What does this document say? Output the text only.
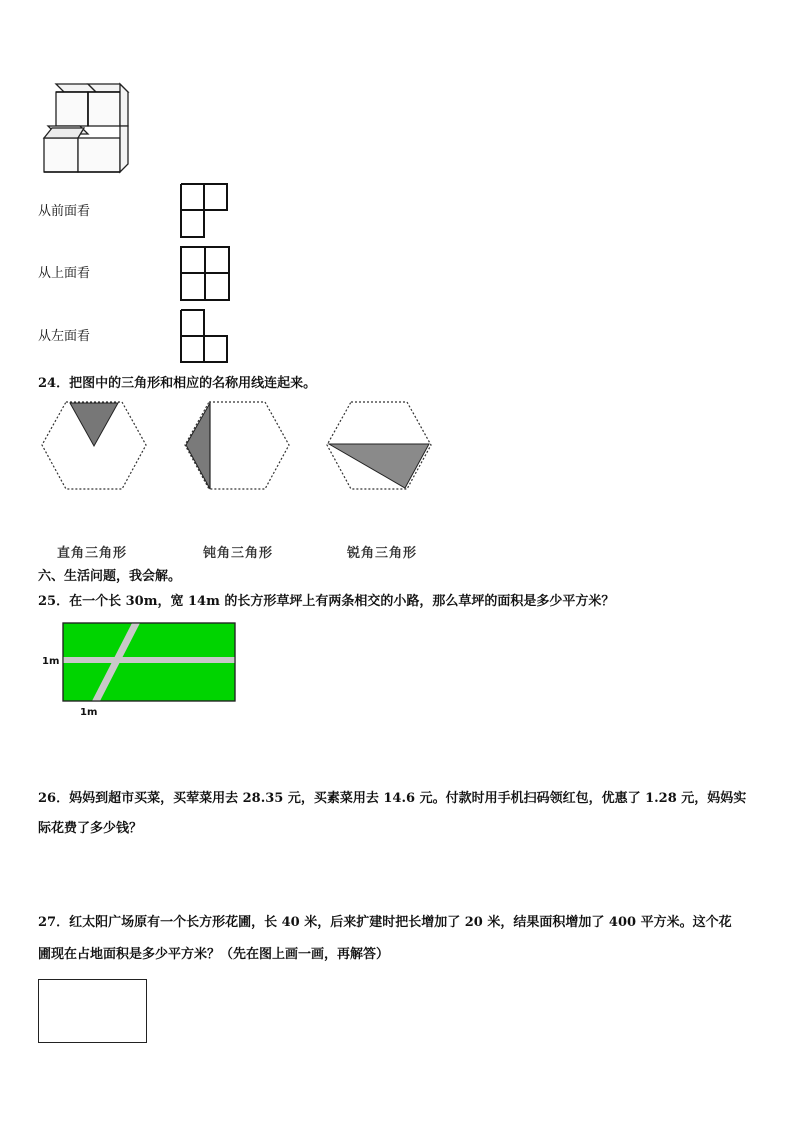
从前面看
从上面看
从左面看
24．把图中的三角形和相应的名称用线连起来。
直角三角形	钝角三角形	锐角三角形
六、生活问题，我会解。
25．在一个长 30m，宽 14m 的长方形草坪上有两条相交的小路，那么草坪的面积是多少平方米？
1m
1m
26．妈妈到超市买菜，买荤菜用去 28.35 元，买素菜用去 14.6 元。付款时用手机扫码领红包，优惠了 1.28 元，妈妈实
际花费了多少钱？
27．红太阳广场原有一个长方形花圃，长 40 米，后来扩建时把长增加了 20 米，结果面积增加了 400 平方米。这个花
圃现在占地面积是多少平方米？（先在图上画一画，再解答）
